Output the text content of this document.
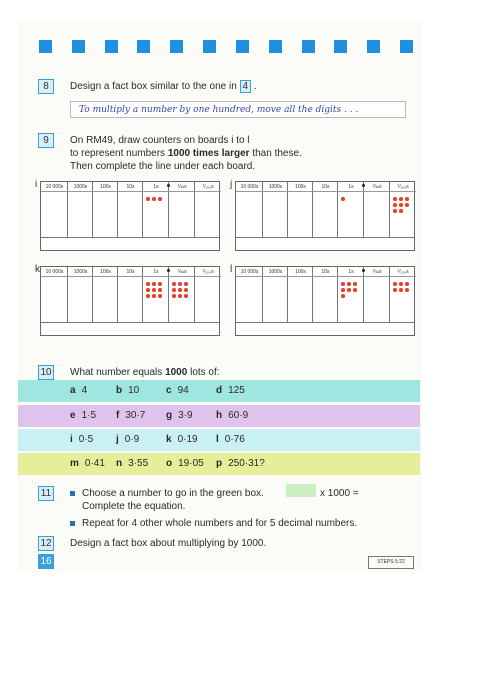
8	Design a fact box similar to the one in 4 .
To multiply a number by one hundred, move all the digits . . .
9	On RM49, draw counters on boards i to l
to represent numbers 1000 times larger than these.
Then complete the line under each board.
i	10 000s	1000s	100s	10s	1s	⅒s	⅟₁₀₀s	j	10 000s	1000s	100s	10s	1s	⅒s	⅟₁₀₀s
k	10 000s	1000s	100s	10s	1s	⅒s	⅟₁₀₀s	l	10 000s	1000s	100s	10s	1s	⅒s	⅟₁₀₀s
10 What number equals 1000 lots of:
a 4	b 10	c 94	d 125
e 1·5 f 30·7 g 3·9 h 60·9
i 0·5 j 0·9	k 0·19 l 0·76
m 0·41 n 3·55 o 19·05 p 250·31?
11	Choose a number to go in the green box.	x 1000 =
Complete the equation.
Repeat for 4 other whole numbers and for 5 decimal numbers.
12 Design a fact box about multiplying by 1000.
16	STEPS 5:22
